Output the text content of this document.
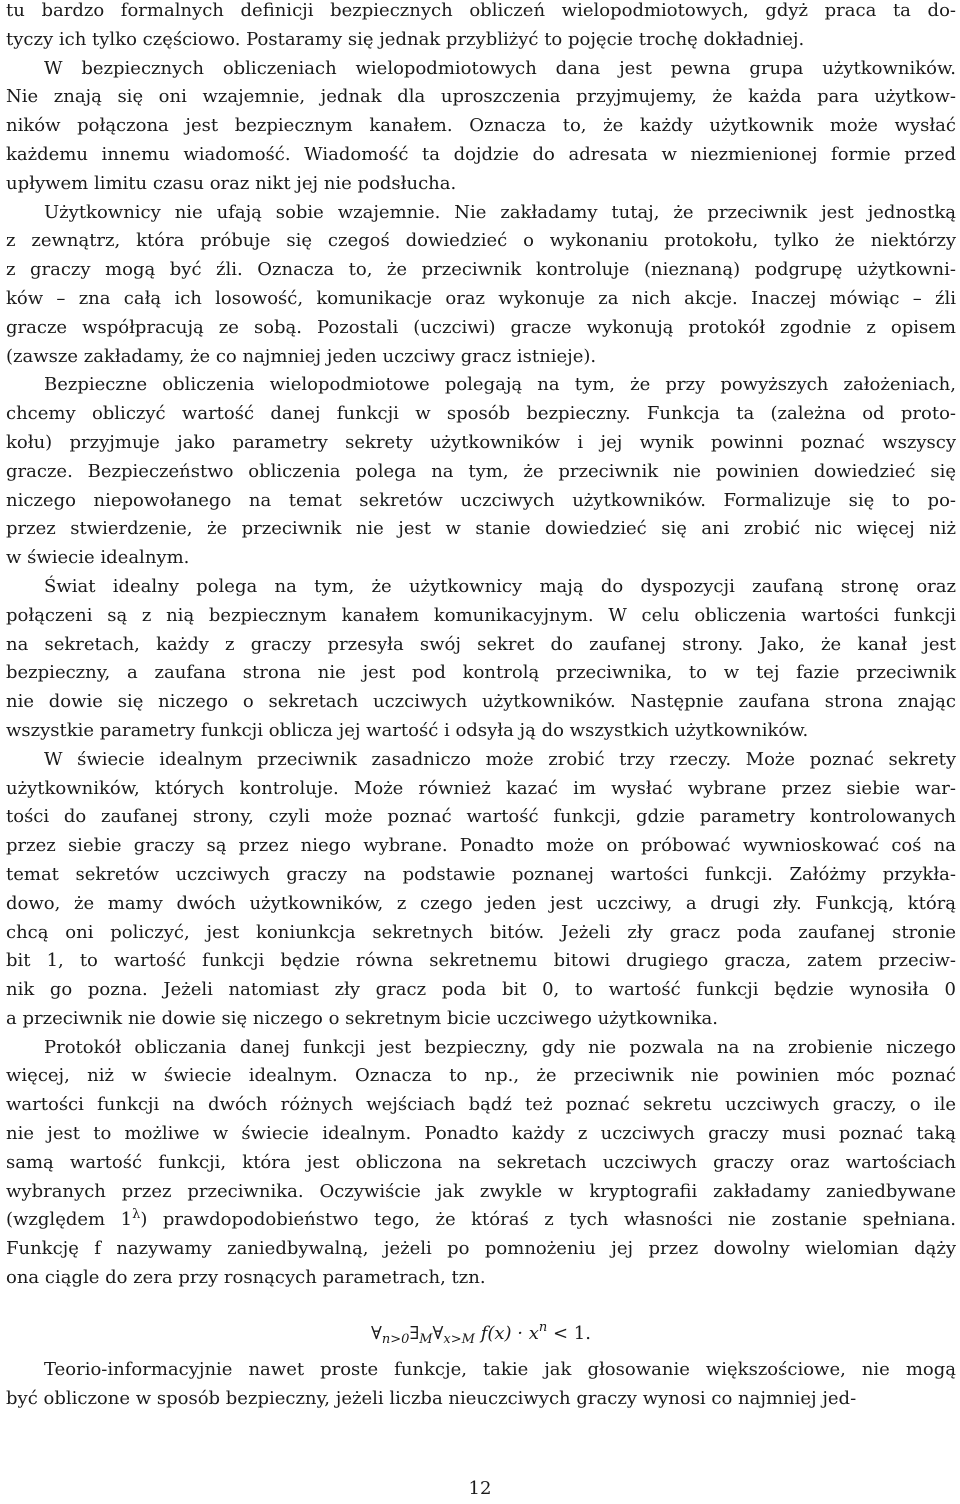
tu bardzo formalnych definicji bezpiecznych obliczeń wielopodmiotowych, gdyż praca ta do-
tyczy ich tylko częściowo. Postaramy się jednak przybliżyć to pojęcie trochę dokładniej.
W bezpiecznych obliczeniach wielopodmiotowych dana jest pewna grupa użytkowników.
Nie znają się oni wzajemnie, jednak dla uproszczenia przyjmujemy, że każda para użytkow-
ników połączona jest bezpiecznym kanałem. Oznacza to, że każdy użytkownik może wysłać
każdemu innemu wiadomość. Wiadomość ta dojdzie do adresata w niezmienionej formie przed
upływem limitu czasu oraz nikt jej nie podsłucha.
Użytkownicy nie ufają sobie wzajemnie. Nie zakładamy tutaj, że przeciwnik jest jednostką
z zewnątrz, która próbuje się czegoś dowiedzieć o wykonaniu protokołu, tylko że niektórzy
z graczy mogą być źli. Oznacza to, że przeciwnik kontroluje (nieznaną) podgrupę użytkowni-
ków – zna całą ich losowość, komunikacje oraz wykonuje za nich akcje. Inaczej mówiąc – źli
gracze współpracują ze sobą. Pozostali (uczciwi) gracze wykonują protokół zgodnie z opisem
(zawsze zakładamy, że co najmniej jeden uczciwy gracz istnieje).
Bezpieczne obliczenia wielopodmiotowe polegają na tym, że przy powyższych założeniach,
chcemy obliczyć wartość danej funkcji w sposób bezpieczny. Funkcja ta (zależna od proto-
kołu) przyjmuje jako parametry sekrety użytkowników i jej wynik powinni poznać wszyscy
gracze. Bezpieczeństwo obliczenia polega na tym, że przeciwnik nie powinien dowiedzieć się
niczego niepowołanego na temat sekretów uczciwych użytkowników. Formalizuje się to po-
przez stwierdzenie, że przeciwnik nie jest w stanie dowiedzieć się ani zrobić nic więcej niż
w świecie idealnym.
Świat idealny polega na tym, że użytkownicy mają do dyspozycji zaufaną stronę oraz
połączeni są z nią bezpiecznym kanałem komunikacyjnym. W celu obliczenia wartości funkcji
na sekretach, każdy z graczy przesyła swój sekret do zaufanej strony. Jako, że kanał jest
bezpieczny, a zaufana strona nie jest pod kontrolą przeciwnika, to w tej fazie przeciwnik
nie dowie się niczego o sekretach uczciwych użytkowników. Następnie zaufana strona znając
wszystkie parametry funkcji oblicza jej wartość i odsyła ją do wszystkich użytkowników.
W świecie idealnym przeciwnik zasadniczo może zrobić trzy rzeczy. Może poznać sekrety
użytkowników, których kontroluje. Może również kazać im wysłać wybrane przez siebie war-
tości do zaufanej strony, czyli może poznać wartość funkcji, gdzie parametry kontrolowanych
przez siebie graczy są przez niego wybrane. Ponadto może on próbować wywnioskować coś na
temat sekretów uczciwych graczy na podstawie poznanej wartości funkcji. Załóżmy przykła-
dowo, że mamy dwóch użytkowników, z czego jeden jest uczciwy, a drugi zły. Funkcją, którą
chcą oni policzyć, jest koniunkcja sekretnych bitów. Jeżeli zły gracz poda zaufanej stronie
bit 1, to wartość funkcji będzie równa sekretnemu bitowi drugiego gracza, zatem przeciw-
nik go pozna. Jeżeli natomiast zły gracz poda bit 0, to wartość funkcji będzie wynosiła 0
a przeciwnik nie dowie się niczego o sekretnym bicie uczciwego użytkownika.
Protokół obliczania danej funkcji jest bezpieczny, gdy nie pozwala na na zrobienie niczego
więcej, niż w świecie idealnym. Oznacza to np., że przeciwnik nie powinien móc poznać
wartości funkcji na dwóch różnych wejściach bądź też poznać sekretu uczciwych graczy, o ile
nie jest to możliwe w świecie idealnym. Ponadto każdy z uczciwych graczy musi poznać taką
samą wartość funkcji, która jest obliczona na sekretach uczciwych graczy oraz wartościach
wybranych przez przeciwnika. Oczywiście jak zwykle w kryptografii zakładamy zaniedbywane
(względem $1^\lambda$) prawdopodobieństwo tego, że któraś z tych własności nie zostanie spełniana.
Funkcję f nazywamy zaniedbywalną, jeżeli po pomnożeniu jej przez dowolny wielomian dąży
ona ciągle do zera przy rosnących parametrach, tzn.
$\forall_{n>0}\exists_M\forall_{x>M}$ $f(x) \cdot x^n < 1$.
Teorio-informacyjnie nawet proste funkcje, takie jak głosowanie większościowe, nie mogą
być obliczone w sposób bezpieczny, jeżeli liczba nieuczciwych graczy wynosi co najmniej jed-
12
